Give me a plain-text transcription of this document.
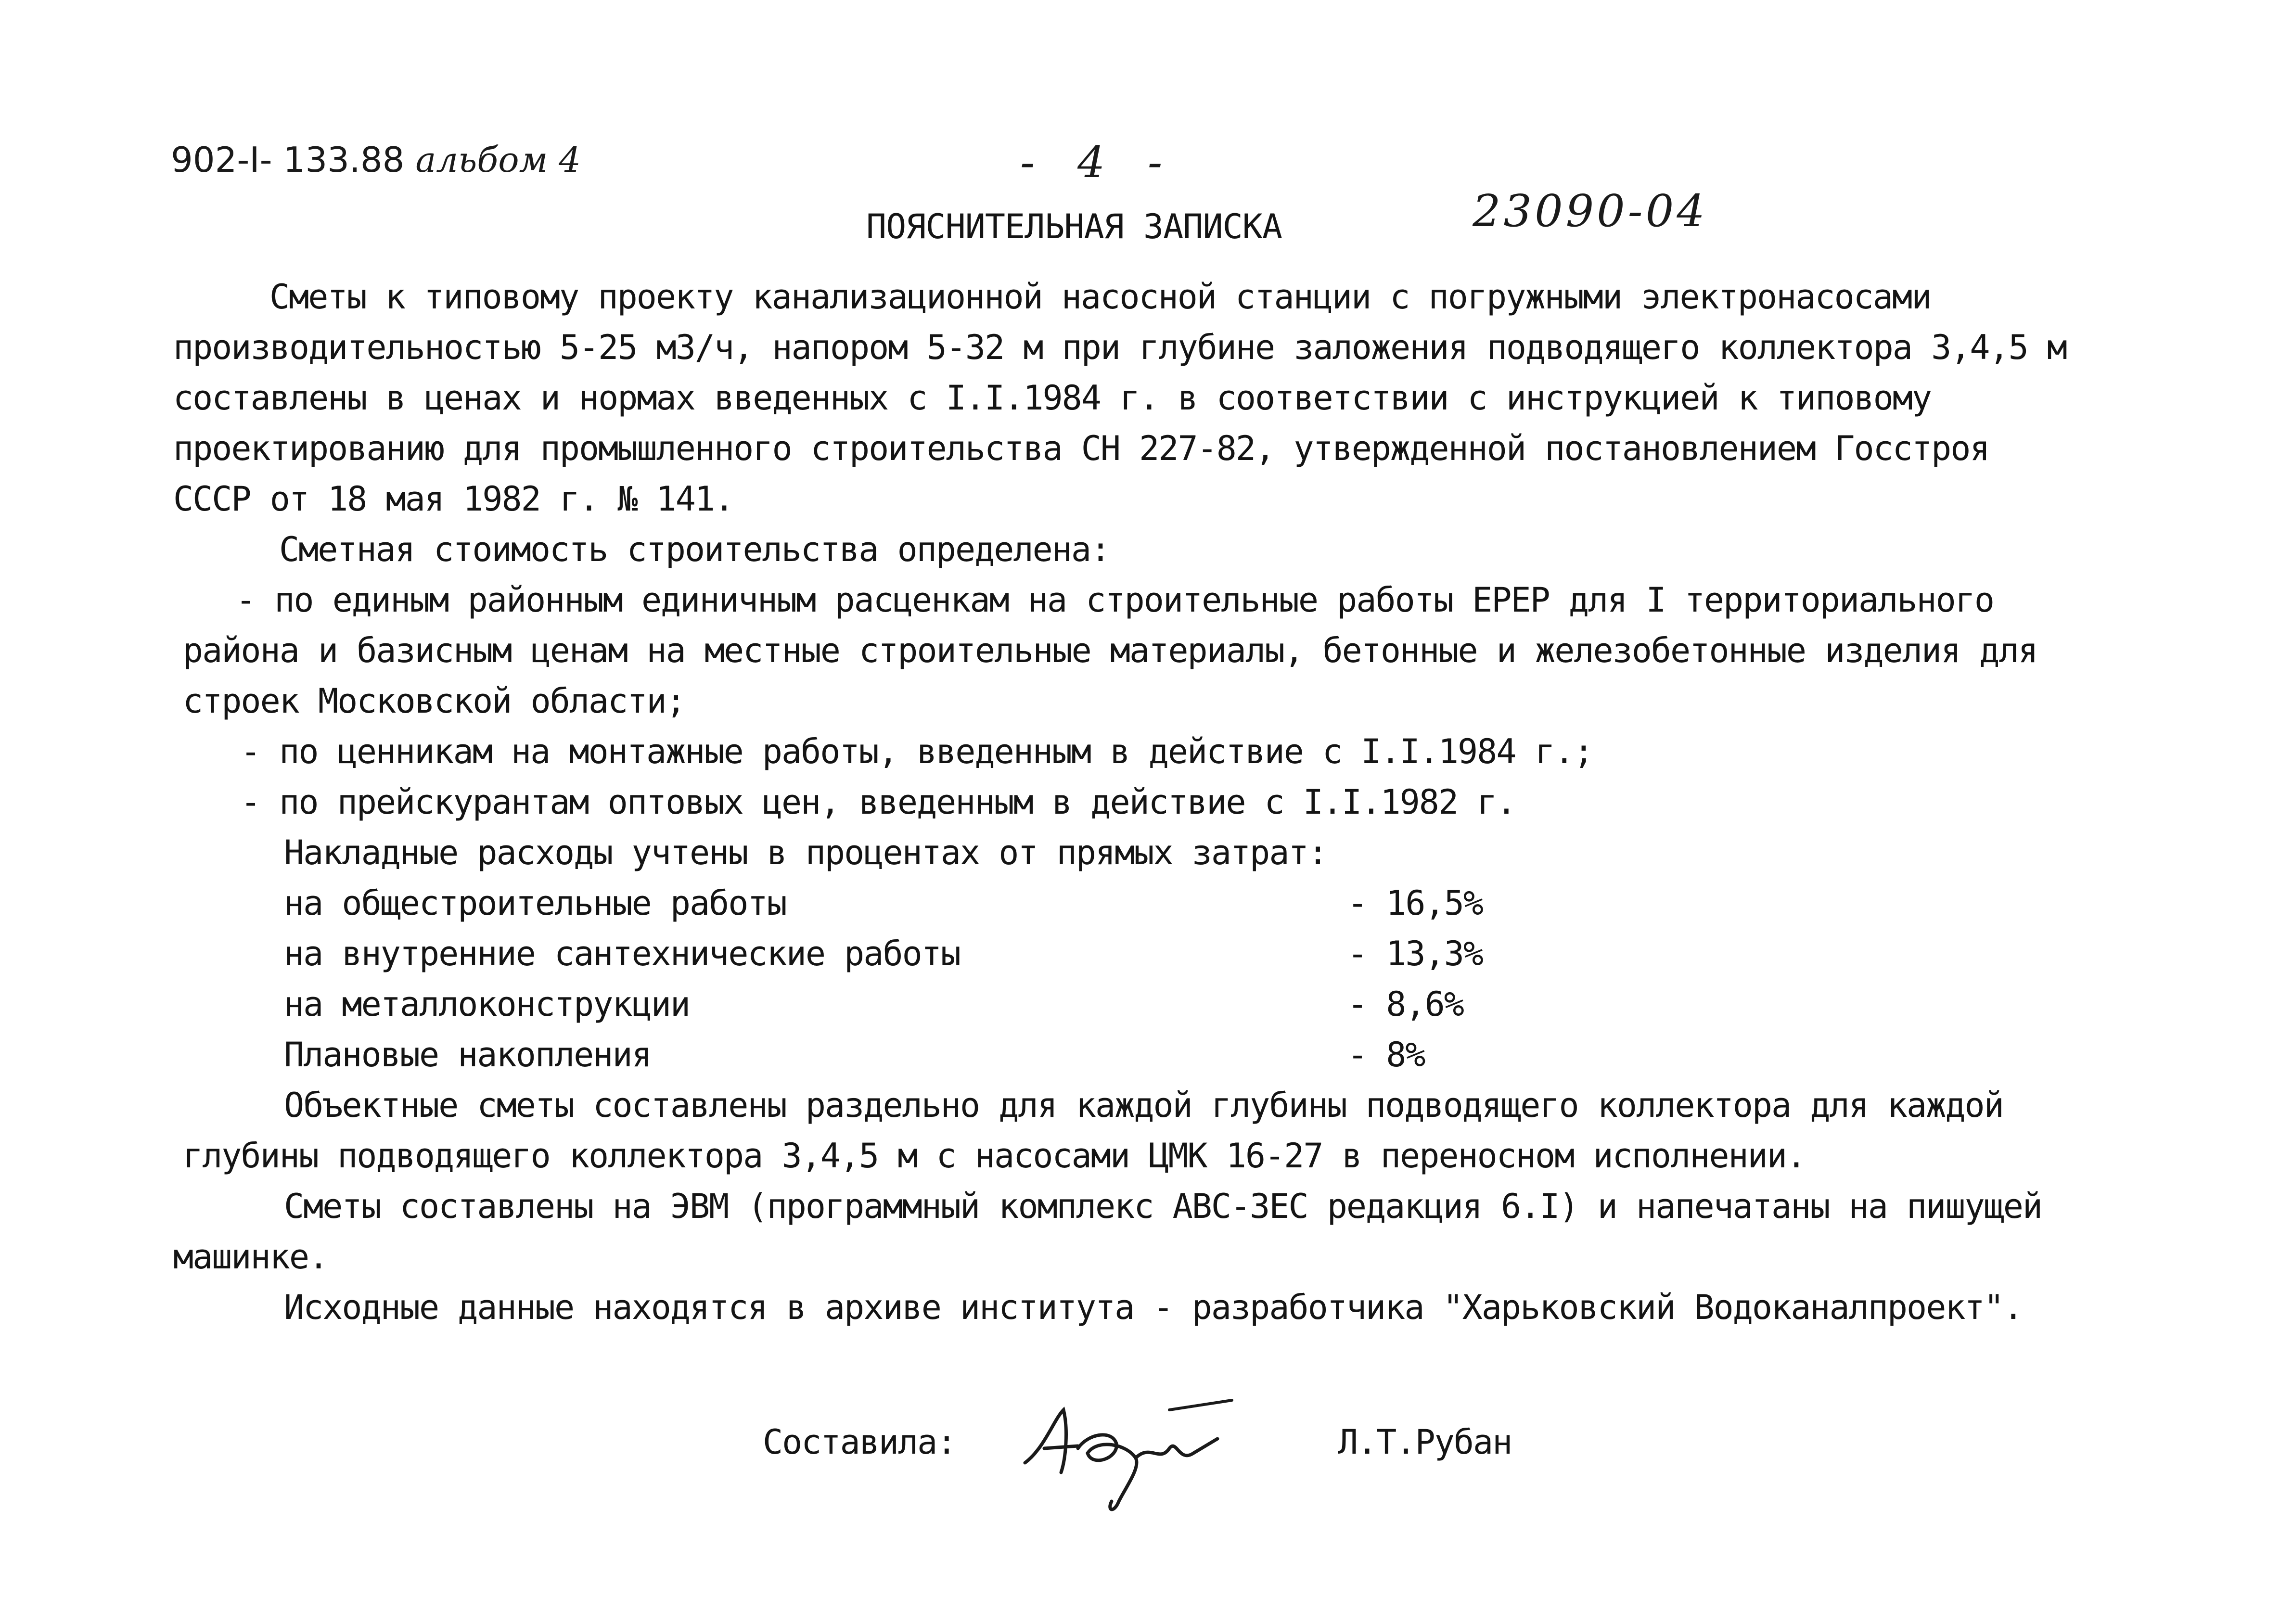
902-I- 133.88 альбом 4	- 4 -
23090-04
ПОЯСНИТЕЛЬНАЯ ЗАПИСКА

Сметы к типовому проекту канализационной насосной станции с погружными электронасосами

производительностью 5-25 м3/ч, напором 5-32 м при глубине заложения подводящего коллектора 3,4,5 м

составлены в ценах и нормах введенных с I.I.1984 г. в соответствии с инструкцией к типовому

проектированию для промышленного строительства СН 227-82, утвержденной постановлением Госстроя

СССР от 18 мая 1982 г. № 141.

Сметная стоимость строительства определена:

- по единым районным единичным расценкам на строительные работы ЕРЕР для I территориального

района и базисным ценам на местные строительные материалы, бетонные и железобетонные изделия для

строек Московской области;

- по ценникам на монтажные работы, введенным в действие с I.I.1984 г.;

- по прейскурантам оптовых цен, введенным в действие с I.I.1982 г.

Накладные расходы учтены в процентах от прямых затрат:

на общестроительные работы	- 16,5%
на внутренние сантехнические работы	- 13,3%
на металлоконструкции	- 8,6%
Плановые накопления	- 8%

Объектные сметы составлены раздельно для каждой глубины подводящего коллектора для каждой

глубины подводящего коллектора 3,4,5 м с насосами ЦМК 16-27 в переносном исполнении.

Сметы составлены на ЭВМ (программный комплекс АВС-3ЕС редакция 6.I) и напечатаны на пишущей

машинке.

Исходные данные находятся в архиве института - разработчика "Харьковский Водоканалпроект".

Составила:	Л.Т.Рубан
